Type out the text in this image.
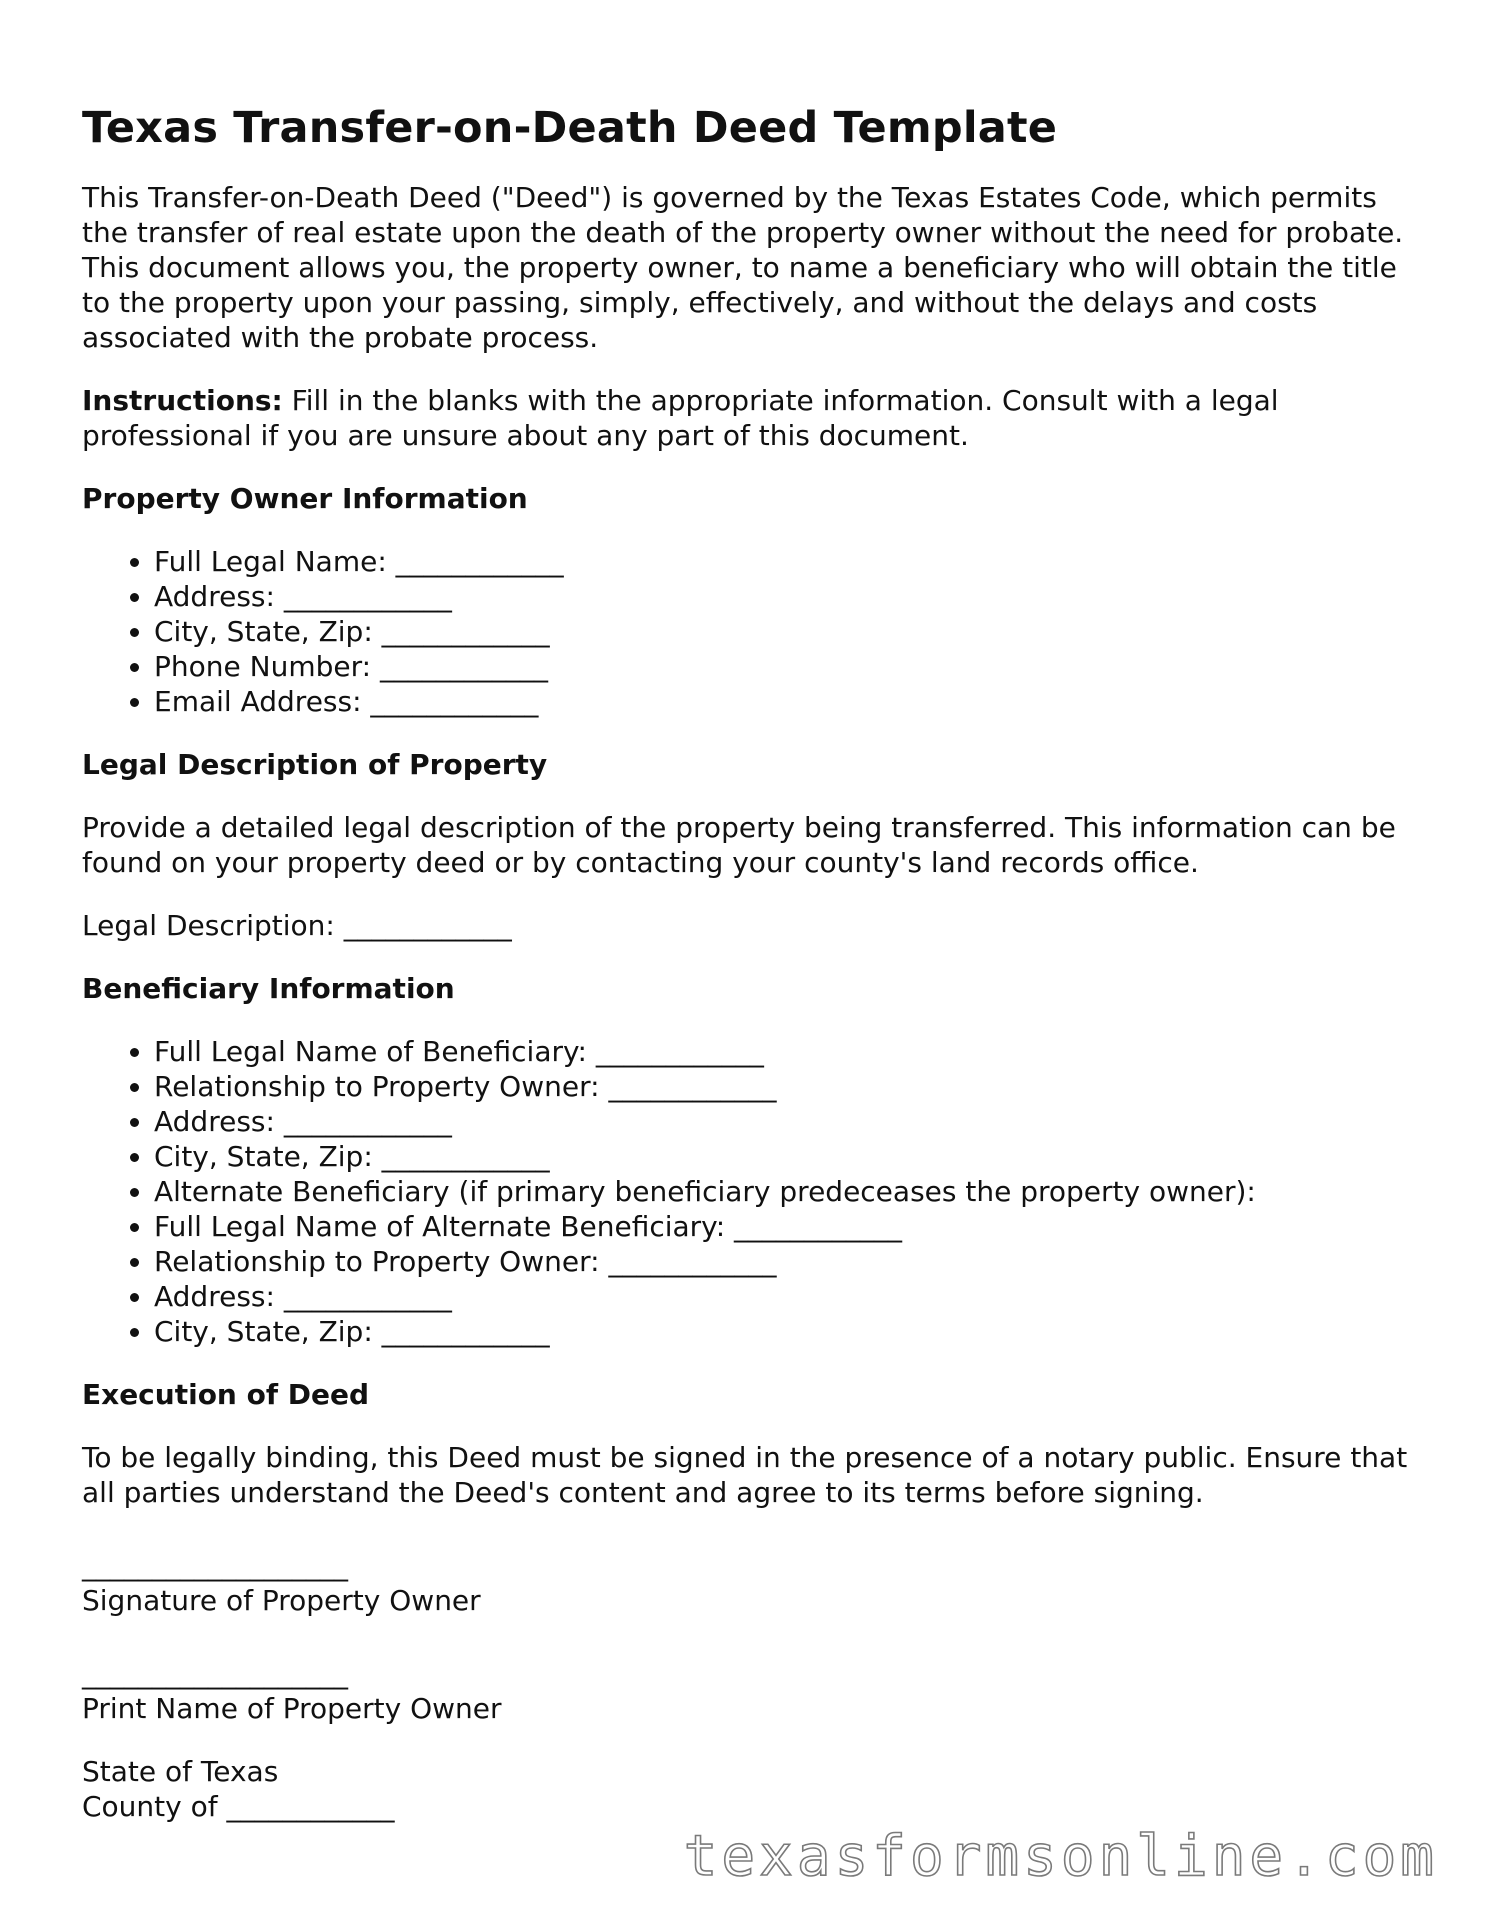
Texas Transfer-on-Death Deed Template

This Transfer-on-Death Deed ("Deed") is governed by the Texas Estates Code, which permits the transfer of real estate upon the death of the property owner without the need for probate. This document allows you, the property owner, to name a beneficiary who will obtain the title to the property upon your passing, simply, effectively, and without the delays and costs associated with the probate process.

Instructions: Fill in the blanks with the appropriate information. Consult with a legal professional if you are unsure about any part of this document.

Property Owner Information
• Full Legal Name: ____________
• Address: ____________
• City, State, Zip: ____________
• Phone Number: ____________
• Email Address: ____________
Legal Description of Property

Provide a detailed legal description of the property being transferred. This information can be found on your property deed or by contacting your county's land records office.

Legal Description: ____________

Beneficiary Information
• Full Legal Name of Beneficiary: ____________
• Relationship to Property Owner: ____________
• Address: ____________
• City, State, Zip: ____________
• Alternate Beneficiary (if primary beneficiary predeceases the property owner):
• Full Legal Name of Alternate Beneficiary: ____________
• Relationship to Property Owner: ____________
• Address: ____________
• City, State, Zip: ____________
Execution of Deed

To be legally binding, this Deed must be signed in the presence of a notary public. Ensure that all parties understand the Deed's content and agree to its terms before signing.

___________________
Signature of Property Owner
___________________
Print Name of Property Owner
State of Texas
County of ____________
texasformsonline.com
